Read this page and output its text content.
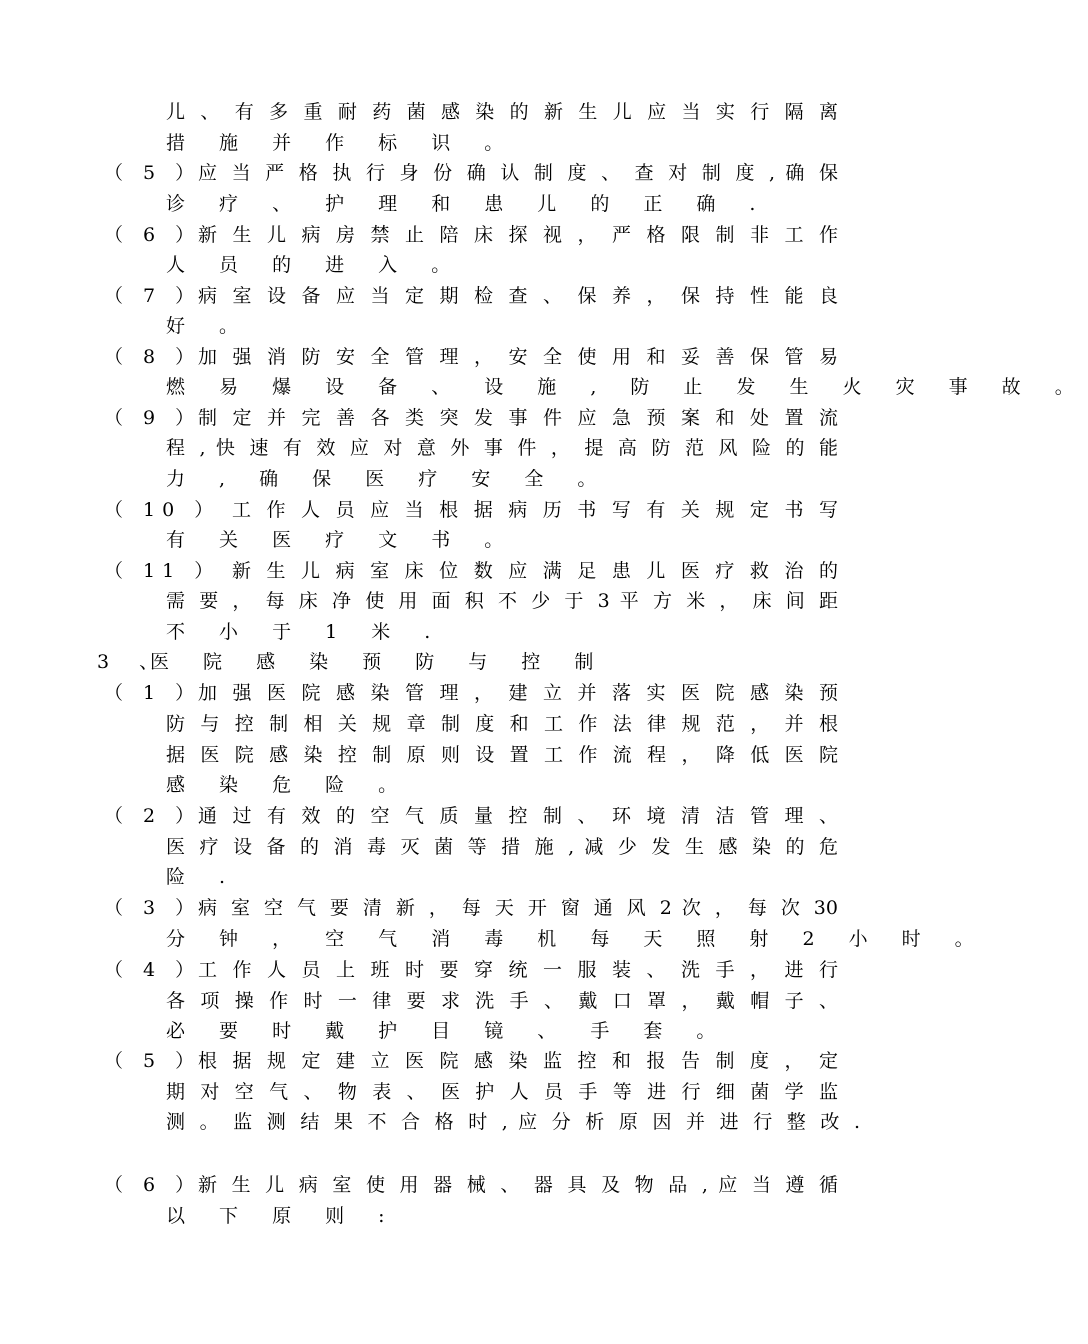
儿 、 有 多 重 耐 药 菌 感 染 的 新 生 儿 应 当 实 行 隔 离
措 施 并 作 标 识 。
（ 5 ）
应 当 严 格 执 行 身 份 确 认 制 度 、 查 对 制 度 , 确 保
诊 疗 、 护 理 和 患 儿 的 正 确 .
（ 6 ）
新 生 儿 病 房 禁 止 陪 床 探 视 ， 严 格 限 制 非 工 作
人 员 的 进 入 。
（ 7 ）
病 室 设 备 应 当 定 期 检 查 、 保 养 ， 保 持 性 能 良
好 。
（ 8 ）
加 强 消 防 安 全 管 理 ， 安 全 使 用 和 妥 善 保 管 易
燃 易 爆 设 备 、 设 施 , 防 止 发 生 火 灾 事 故 。
（ 9 ）
制 定 并 完 善 各 类 突 发 事 件 应 急 预 案 和 处 置 流
程 , 快 速 有 效 应 对 意 外 事 件 ， 提 高 防 范 风 险 的 能
力 , 确 保 医 疗 安 全 。
（ 10 ） 工 作 人 员 应 当 根 据 病 历 书 写 有 关 规 定 书 写
有 关 医 疗 文 书 。
（ 11 ） 新 生 儿 病 室 床 位 数 应 满 足 患 儿 医 疗 救 治 的
需 要 ， 每 床 净 使 用 面 积 不 少 于 3 平 方 米 ， 床 间 距
不 小 于 1 米 .
3 、
医 院 感 染 预 防 与 控 制
（ 1 ）
加 强 医 院 感 染 管 理 ， 建 立 并 落 实 医 院 感 染 预
防 与 控 制 相 关 规 章 制 度 和 工 作 法 律 规 范 ， 并 根
据 医 院 感 染 控 制 原 则 设 置 工 作 流 程 ， 降 低 医 院
感 染 危 险 。
（ 2 ）
通 过 有 效 的 空 气 质 量 控 制 、 环 境 清 洁 管 理 、
医 疗 设 备 的 消 毒 灭 菌 等 措 施 , 减 少 发 生 感 染 的 危
险 .
（ 3 ）
病 室 空 气 要 清 新 ， 每 天 开 窗 通 风 2 次 ， 每 次 30
分 钟 ， 空 气 消 毒 机 每 天 照 射 2 小 时 。
（ 4 ）
工 作 人 员 上 班 时 要 穿 统 一 服 装 、 洗 手 ， 进 行
各 项 操 作 时 一 律 要 求 洗 手 、 戴 口 罩 ， 戴 帽 子 、
必 要 时 戴 护 目 镜 、 手 套 。
（ 5 ）
根 据 规 定 建 立 医 院 感 染 监 控 和 报 告 制 度 ， 定
期 对 空 气 、 物 表 、 医 护 人 员 手 等 进 行 细 菌 学 监
测 。 监 测 结 果 不 合 格 时 , 应 分 析 原 因 并 进 行 整 改 .
（ 6 ）
新 生 儿 病 室 使 用 器 械 、 器 具 及 物 品 , 应 当 遵 循
以 下 原 则 :
